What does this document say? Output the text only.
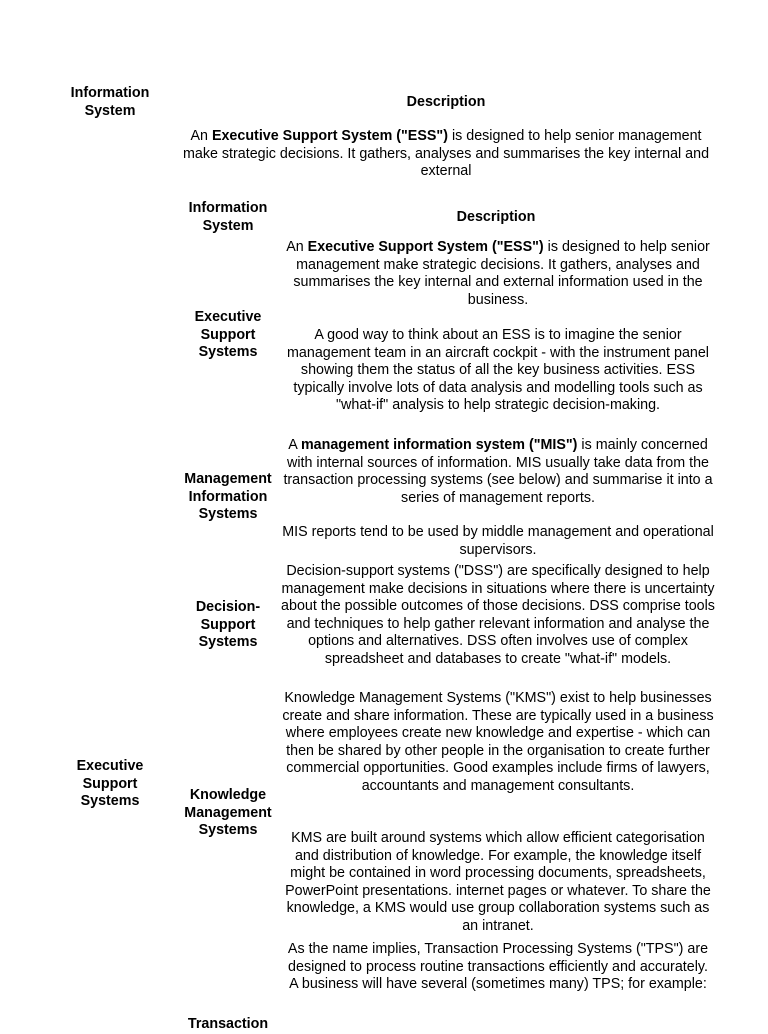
Information System
Description

An Executive Support System ("ESS") is designed to help senior management make strategic decisions. It gathers, analyses and summarises the key internal and external

Executive Support Systems
Information System
Description
Executive Support Systems

An Executive Support System ("ESS") is designed to help senior management make strategic decisions. It gathers, analyses and summarises the key internal and external information used in the business.

A good way to think about an ESS is to imagine the senior management team in an aircraft cockpit - with the instrument panel showing them the status of all the key business activities. ESS typically involve lots of data analysis and modelling tools such as "what-if" analysis to help strategic decision-making.

Management Information Systems

A management information system ("MIS") is mainly concerned with internal sources of information. MIS usually take data from the transaction processing systems (see below) and summarise it into a series of management reports.

MIS reports tend to be used by middle management and operational supervisors.

Decision-Support Systems

Decision-support systems ("DSS") are specifically designed to help management make decisions in situations where there is uncertainty about the possible outcomes of those decisions. DSS comprise tools and techniques to help gather relevant information and analyse the options and alternatives. DSS often involves use of complex spreadsheet and databases to create "what-if" models.

Knowledge Management Systems

Knowledge Management Systems ("KMS") exist to help businesses create and share information. These are typically used in a business where employees create new knowledge and expertise - which can then be shared by other people in the organisation to create further commercial opportunities. Good examples include firms of lawyers, accountants and management consultants.

KMS are built around systems which allow efficient categorisation and distribution of knowledge. For example, the knowledge itself might be contained in word processing documents, spreadsheets, PowerPoint presentations. internet pages or whatever. To share the knowledge, a KMS would use group collaboration systems such as an intranet.

Transaction

As the name implies, Transaction Processing Systems ("TPS") are designed to process routine transactions efficiently and accurately. A business will have several (sometimes many) TPS; for example:
